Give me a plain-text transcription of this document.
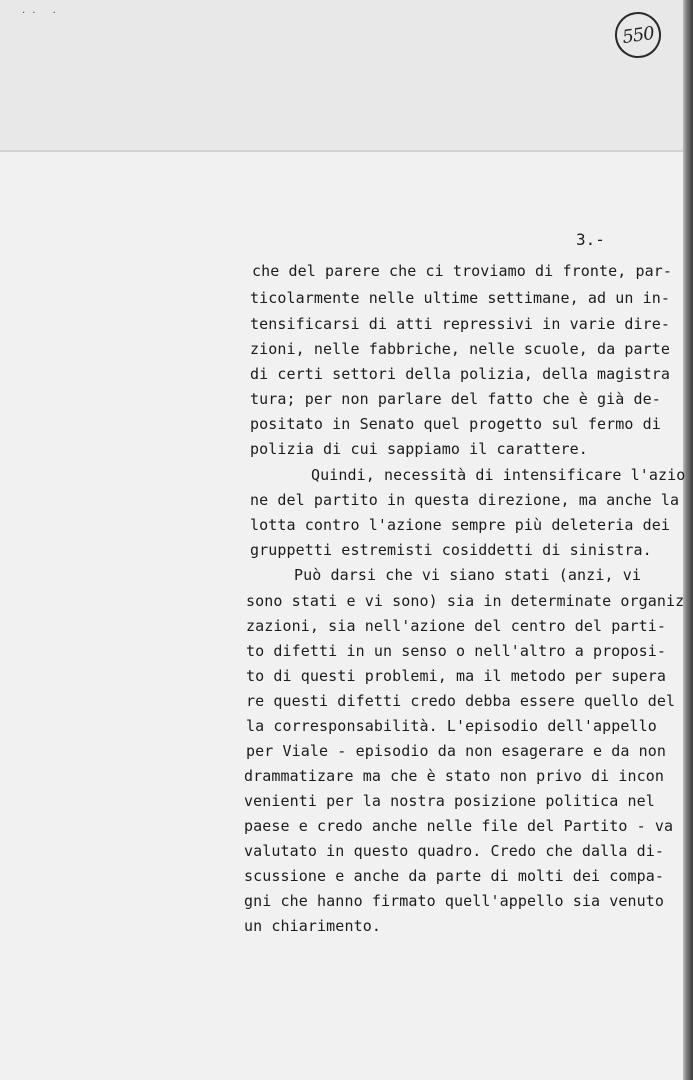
˙˙ ˙
550
3.-
che del parere che ci troviamo di fronte, par-
ticolarmente nelle ultime settimane, ad un in-
tensificarsi di atti repressivi in varie dire-
zioni, nelle fabbriche, nelle scuole, da parte
di certi settori della polizia, della magistra
tura; per non parlare del fatto che è già de-
positato in Senato quel progetto sul fermo di
polizia di cui sappiamo il carattere.
Quindi, necessità di intensificare l'azio
ne del partito in questa direzione, ma anche la
lotta contro l'azione sempre più deleteria dei
gruppetti estremisti cosiddetti di sinistra.
Può darsi che vi siano stati (anzi, vi
sono stati e vi sono) sia in determinate organiz
zazioni, sia nell'azione del centro del parti-
to difetti in un senso o nell'altro a proposi-
to di questi problemi, ma il metodo per supera
re questi difetti credo debba essere quello del
la corresponsabilità. L'episodio dell'appello
per Viale - episodio da non esagerare e da non
drammatizare ma che è stato non privo di incon
venienti per la nostra posizione politica nel
paese e credo anche nelle file del Partito - va
valutato in questo quadro. Credo che dalla di-
scussione e anche da parte di molti dei compa-
gni che hanno firmato quell'appello sia venuto
un chiarimento.
